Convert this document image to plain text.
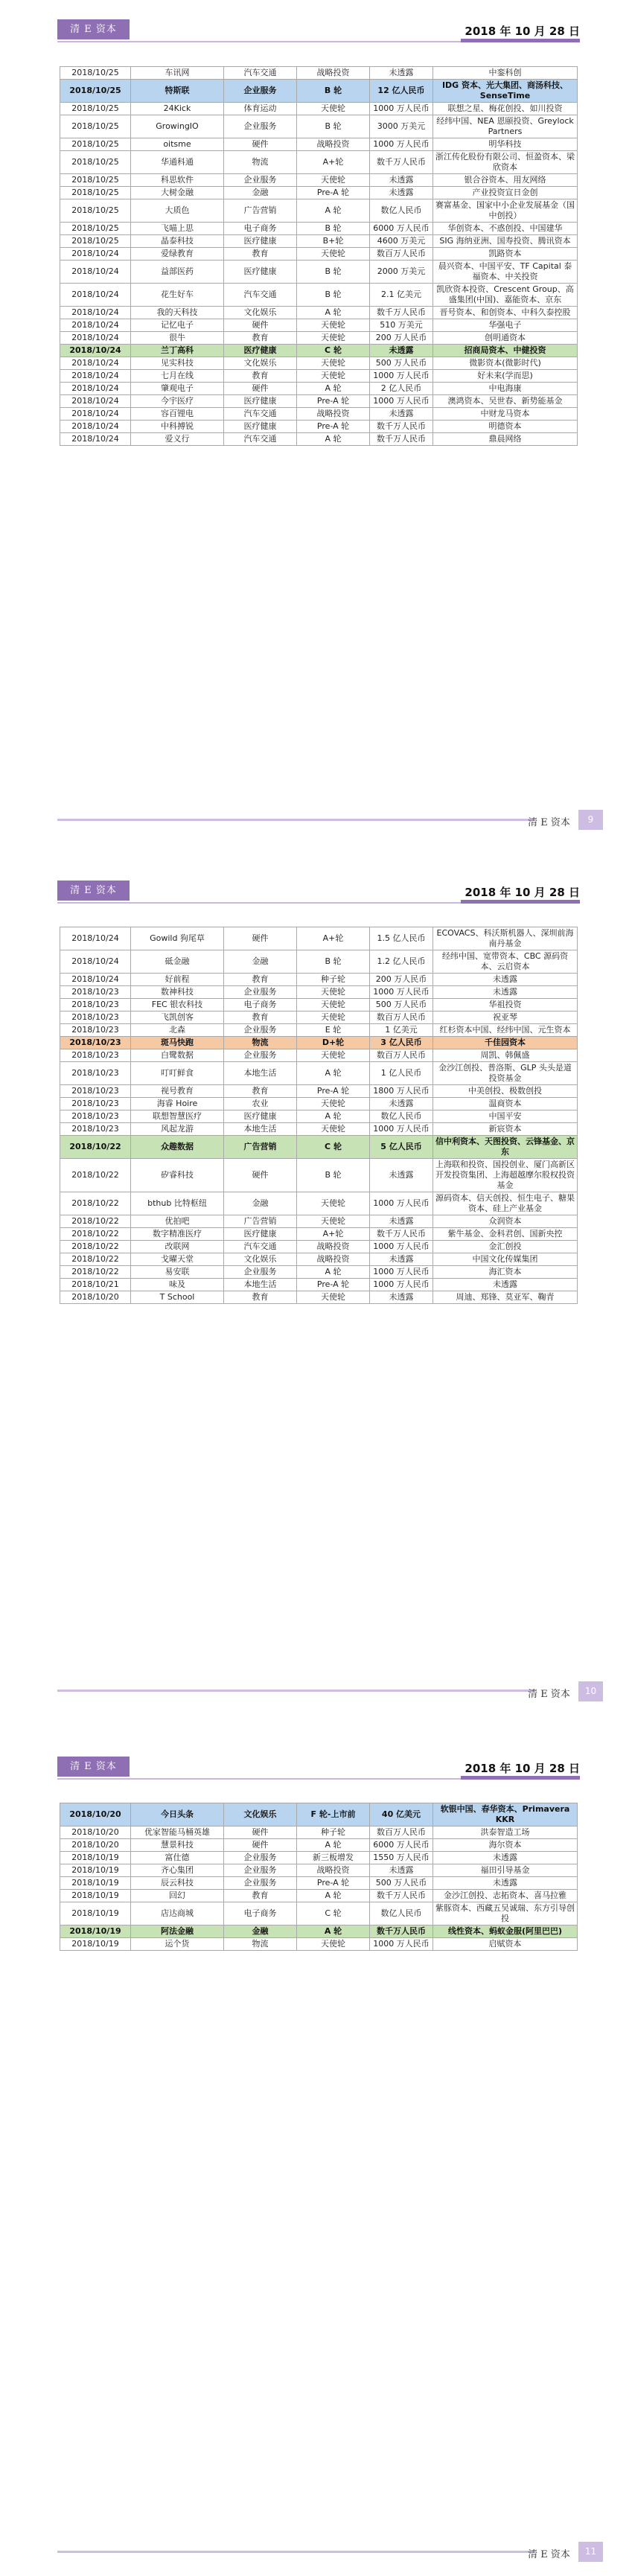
清 E 资本	2018 年 10 月 28 日
2018/10/25	车讯网	汽车交通	战略投资	未透露	中銮科创
2018/10/25	特斯联	企业服务	B 轮	12 亿人民币	IDG 资本、光大集团、商汤科技、SenseTime
2018/10/25	24Kick	体育运动	天使轮	1000 万人民币	联想之星、梅花创投、如川投资
2018/10/25	GrowingIO	企业服务	B 轮	3000 万美元	经纬中国、NEA 恩颐投资、Greylock Partners
2018/10/25	oitsme	硬件	战略投资	1000 万人民币	明华科技
2018/10/25	华通科通	物流	A+轮	数千万人民币	浙江传化股份有限公司、恒盈资本、梁欣资本
2018/10/25	科思软件	企业服务	天使轮	未透露	银合谷资本、用友网络
2018/10/25	大树金融	金融	Pre-A 轮	未透露	产业投资宣日金创
2018/10/25	大质色	广告营销	A 轮	数亿人民币	赛富基金、国家中小企业发展基金（国中创投）
2018/10/25	飞喵上思	电子商务	B 轮	6000 万人民币	华创资本、不惑创投、中国建华
2018/10/25	晶泰科技	医疗健康	B+轮	4600 万美元	SIG 海纳亚洲、国寿投资、腾讯资本
2018/10/24	爱绿教育	教育	天使轮	数百万人民币	凯路资本
2018/10/24	益部医药	医疗健康	B 轮	2000 万美元	晨兴资本、中国平安、TF Capital 泰福资本、中关投资
2018/10/24	花生好车	汽车交通	B 轮	2.1 亿美元	凯欣资本投资、Crescent Group、高盛集团(中国)、嘉能资本、京东
2018/10/24	我的天科技	文化娱乐	A 轮	数千万人民币	晋号资本、和创资本、中科久泰控股
2018/10/24	记忆电子	硬件	天使轮	510 万美元	华强电子
2018/10/24	很牛	教育	天使轮	200 万人民币	创明通资本
2018/10/24	兰丁高科	医疗健康	C 轮	未透露	招商局资本、中健投资
2018/10/24	见实科技	文化娱乐	天使轮	500 万人民币	微影资本(微影时代)
2018/10/24	七月在线	教育	天使轮	1000 万人民币	好未来(学而思)
2018/10/24	肇观电子	硬件	A 轮	2 亿人民币	中电海康
2018/10/24	今宇医疗	医疗健康	Pre-A 轮	1000 万人民币	澳鸿资本、吴世春、新势能基金
2018/10/24	容百锂电	汽车交通	战略投资	未透露	中财龙马资本
2018/10/24	中科搏锐	医疗健康	Pre-A 轮	数千万人民币	明德资本
2018/10/24	爱义行	汽车交通	A 轮	数千万人民币	鼎晨网络
清 E 资本	9
清 E 资本	2018 年 10 月 28 日
2018/10/24	Gowild 狗尾草	硬件	A+轮	1.5 亿人民币	ECOVACS、科沃斯机器人、深圳前海南丹基金
2018/10/24	砥金融	金融	B 轮	1.2 亿人民币	经纬中国、宽带资本、CBC 源码资本、云启资本
2018/10/24	好前程	教育	种子轮	200 万人民币	未透露
2018/10/23	数神科技	企业服务	天使轮	1000 万人民币	未透露
2018/10/23	FEC 银农科技	电子商务	天使轮	500 万人民币	华祖投资
2018/10/23	飞凯创客	教育	天使轮	数百万人民币	祝亚琴
2018/10/23	北森	企业服务	E 轮	1 亿美元	红杉资本中国、经纬中国、元生资本
2018/10/23	斑马快跑	物流	D+轮	3 亿人民币	千佳园资本
2018/10/23	白鹭数据	企业服务	天使轮	数百万人民币	周凯、韩佩盛
2018/10/23	叮叮鲜食	本地生活	A 轮	1 亿人民币	金沙江创投、普洛斯、GLP 头头是道投资基金
2018/10/23	视号教育	教育	Pre-A 轮	1800 万人民币	中美创投、极数创投
2018/10/23	海睿 Hoire	农业	天使轮	未透露	温商资本
2018/10/23	联想智慧医疗	医疗健康	A 轮	数亿人民币	中国平安
2018/10/23	风起龙游	本地生活	天使轮	1000 万人民币	新宸资本
2018/10/22	众趣数据	广告营销	C 轮	5 亿人民币	信中利资本、天图投资、云锋基金、京东
2018/10/22	矽睿科技	硬件	B 轮	未透露	上海联和投资、国投创业、厦门高新区开发投资集团、上海超越摩尔股权投资基金
2018/10/22	bthub 比特枢纽	金融	天使轮	1000 万人民币	源码资本、信天创投、恒生电子、糖果资本、硅上产业基金
2018/10/22	优拍吧	广告营销	天使轮	未透露	众润资本
2018/10/22	数字精准医疗	医疗健康	A+轮	数千万人民币	紫牛基金、金科君创、国新央控
2018/10/22	改联网	汽车交通	战略投资	1000 万人民币	金汇创投
2018/10/22	戈曜天堂	文化娱乐	战略投资	未透露	中国文化传媒集团
2018/10/22	易安联	企业服务	A 轮	1000 万人民币	海汇资本
2018/10/21	味及	本地生活	Pre-A 轮	1000 万人民币	未透露
2018/10/20	T School	教育	天使轮	未透露	周迪、郑锋、莫亚军、鞠青
清 E 资本	10
清 E 资本	2018 年 10 月 28 日
2018/10/20	今日头条	文化娱乐	F 轮-上市前	40 亿美元	软银中国、春华资本、Primavera KKR
2018/10/20	优家智能马桶英雄	硬件	种子轮	数百万人民币	洪泰智造工场
2018/10/20	慧景科技	硬件	A 轮	6000 万人民币	海尔资本
2018/10/19	富仕德	企业服务	新三板增发	1550 万人民币	未透露
2018/10/19	齐心集团	企业服务	战略投资	未透露	福田引导基金
2018/10/19	辰云科技	企业服务	Pre-A 轮	500 万人民币	未透露
2018/10/19	回幻	教育	A 轮	数千万人民币	金沙江创投、志拓资本、喜马拉雅
2018/10/19	店达商城	电子商务	C 轮	数亿人民币	紫豚资本、西藏五吴诚瑞、东方引导创投
2018/10/19	阿法金融	金融	A 轮	数千万人民币	线性资本、蚂蚁金服(阿里巴巴)
2018/10/19	运个货	物流	天使轮	1000 万人民币	启赋资本
清 E 资本	11
